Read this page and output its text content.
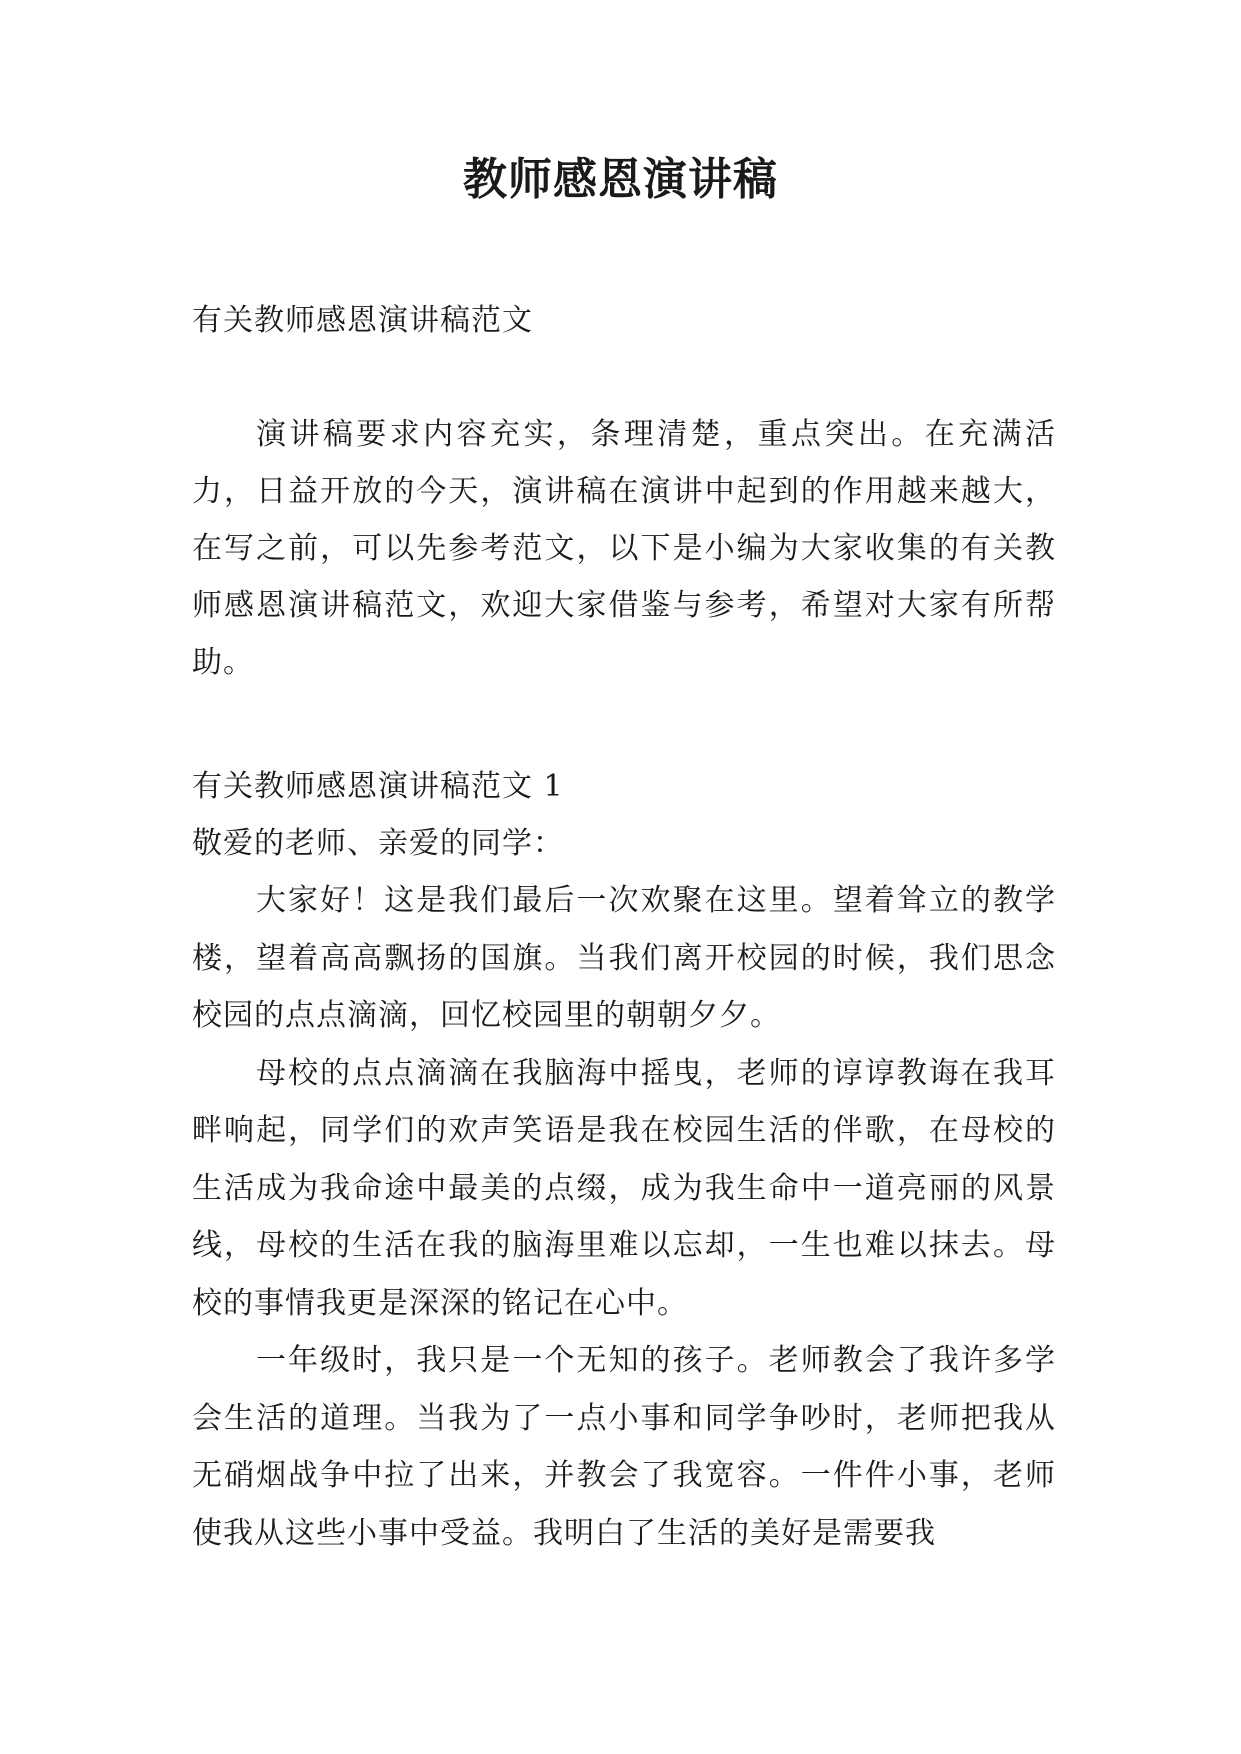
教师感恩演讲稿

有关教师感恩演讲稿范文

演讲稿要求内容充实，条理清楚，重点突出。在充满活力，日益开放的今天，演讲稿在演讲中起到的作用越来越大，在写之前，可以先参考范文，以下是小编为大家收集的有关教师感恩演讲稿范文，欢迎大家借鉴与参考，希望对大家有所帮助。

有关教师感恩演讲稿范文 1

敬爱的老师、亲爱的同学：

大家好！这是我们最后一次欢聚在这里。望着耸立的教学楼，望着高高飘扬的国旗。当我们离开校园的时候，我们思念校园的点点滴滴，回忆校园里的朝朝夕夕。

母校的点点滴滴在我脑海中摇曳，老师的谆谆教诲在我耳畔响起，同学们的欢声笑语是我在校园生活的伴歌，在母校的生活成为我命途中最美的点缀，成为我生命中一道亮丽的风景线，母校的生活在我的脑海里难以忘却，一生也难以抹去。母校的事情我更是深深的铭记在心中。

一年级时，我只是一个无知的孩子。老师教会了我许多学会生活的道理。当我为了一点小事和同学争吵时，老师把我从无硝烟战争中拉了出来，并教会了我宽容。一件件小事，老师使我从这些小事中受益。我明白了生活的美好是需要我
